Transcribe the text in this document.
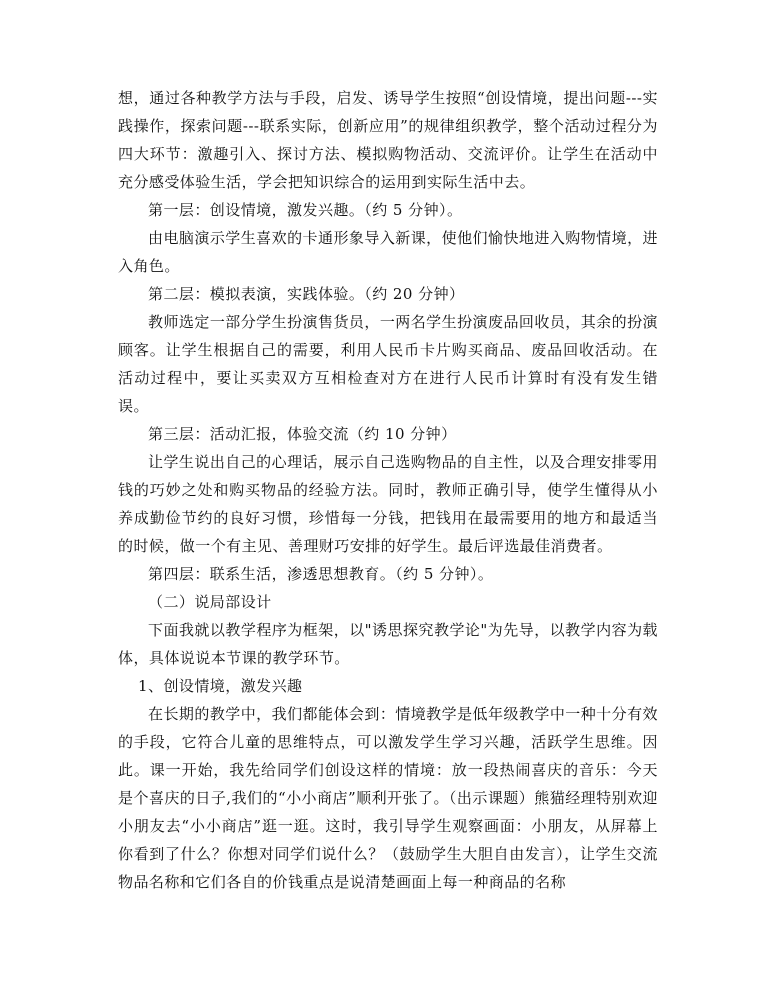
想，通过各种教学方法与手段，启发、诱导学生按照“创设情境，提出问题---实践操作，探索问题---联系实际，创新应用”的规律组织教学，整个活动过程分为四大环节：激趣引入、探讨方法、模拟购物活动、交流评价。让学生在活动中充分感受体验生活，学会把知识综合的运用到实际生活中去。

第一层：创设情境，激发兴趣。（约 5 分钟）。

由电脑演示学生喜欢的卡通形象导入新课，使他们愉快地进入购物情境，进入角色。

第二层：模拟表演，实践体验。（约 20 分钟）

教师选定一部分学生扮演售货员，一两名学生扮演废品回收员，其余的扮演顾客。让学生根据自己的需要，利用人民币卡片购买商品、废品回收活动。在活动过程中，要让买卖双方互相检查对方在进行人民币计算时有没有发生错误。

第三层：活动汇报，体验交流（约 10 分钟）

让学生说出自己的心理话，展示自己选购物品的自主性，以及合理安排零用钱的巧妙之处和购买物品的经验方法。同时，教师正确引导，使学生懂得从小养成勤俭节约的良好习惯，珍惜每一分钱，把钱用在最需要用的地方和最适当的时候，做一个有主见、善理财巧安排的好学生。最后评选最佳消费者。

第四层：联系生活，渗透思想教育。（约 5 分钟）。

（二）说局部设计

下面我就以教学程序为框架，以"诱思探究教学论"为先导，以教学内容为载体，具体说说本节课的教学环节。

1、创设情境，激发兴趣

在长期的教学中，我们都能体会到：情境教学是低年级教学中一种十分有效的手段，它符合儿童的思维特点，可以激发学生学习兴趣，活跃学生思维。因此。课一开始，我先给同学们创设这样的情境：放一段热闹喜庆的音乐：今天是个喜庆的日子,我们的“小小商店”顺利开张了。（出示课题）熊猫经理特别欢迎小朋友去“小小商店”逛一逛。这时，我引导学生观察画面：小朋友，从屏幕上你看到了什么？你想对同学们说什么？（鼓励学生大胆自由发言），让学生交流物品名称和它们各自的价钱重点是说清楚画面上每一种商品的名称
